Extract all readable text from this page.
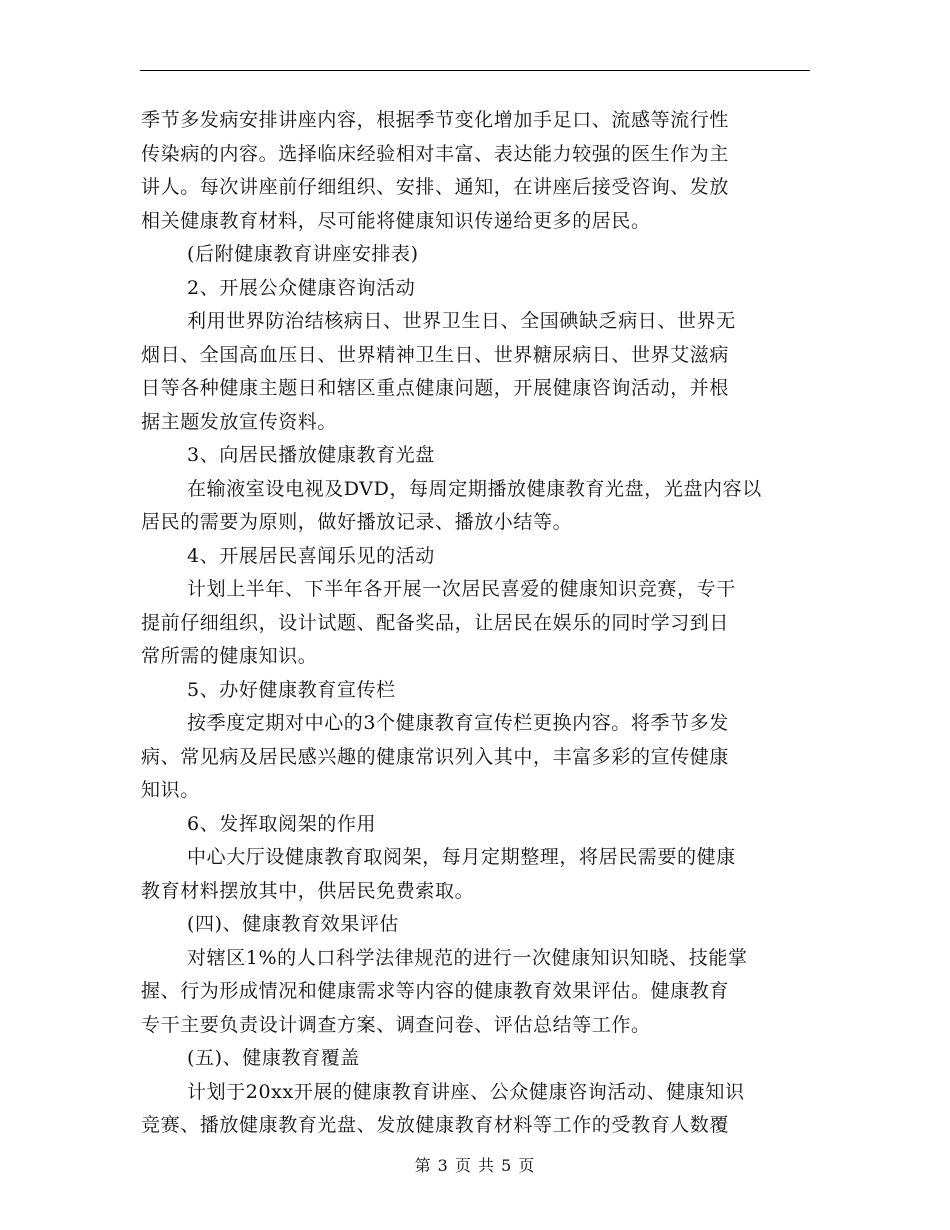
季节多发病安排讲座内容，根据季节变化增加手足口、流感等流行性
传染病的内容。选择临床经验相对丰富、表达能力较强的医生作为主
讲人。每次讲座前仔细组织、安排、通知，在讲座后接受咨询、发放
相关健康教育材料，尽可能将健康知识传递给更多的居民。
(后附健康教育讲座安排表)
2、开展公众健康咨询活动
利用世界防治结核病日、世界卫生日、全国碘缺乏病日、世界无
烟日、全国高血压日、世界精神卫生日、世界糖尿病日、世界艾滋病
日等各种健康主题日和辖区重点健康问题，开展健康咨询活动，并根
据主题发放宣传资料。
3、向居民播放健康教育光盘
在输液室设电视及DVD，每周定期播放健康教育光盘，光盘内容以
居民的需要为原则，做好播放记录、播放小结等。
4、开展居民喜闻乐见的活动
计划上半年、下半年各开展一次居民喜爱的健康知识竞赛，专干
提前仔细组织，设计试题、配备奖品，让居民在娱乐的同时学习到日
常所需的健康知识。
5、办好健康教育宣传栏
按季度定期对中心的3个健康教育宣传栏更换内容。将季节多发
病、常见病及居民感兴趣的健康常识列入其中，丰富多彩的宣传健康
知识。
6、发挥取阅架的作用
中心大厅设健康教育取阅架，每月定期整理，将居民需要的健康
教育材料摆放其中，供居民免费索取。
(四)、健康教育效果评估
对辖区1%的人口科学法律规范的进行一次健康知识知晓、技能掌
握、行为形成情况和健康需求等内容的健康教育效果评估。健康教育
专干主要负责设计调查方案、调查问卷、评估总结等工作。
(五)、健康教育覆盖
计划于20xx开展的健康教育讲座、公众健康咨询活动、健康知识
竞赛、播放健康教育光盘、发放健康教育材料等工作的受教育人数覆
第 3 页 共 5 页
